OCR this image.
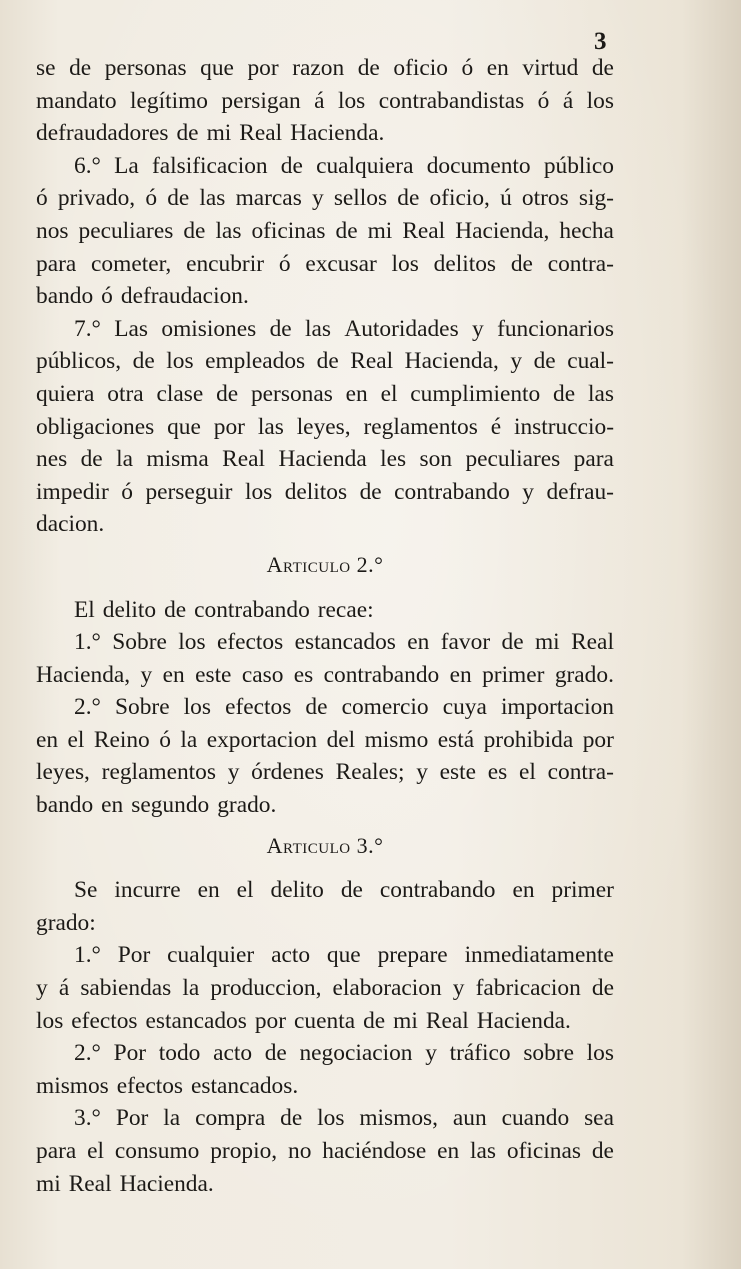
3
se de personas que por razon de oficio ó en virtud de
mandato legítimo persigan á los contrabandistas ó á los
defraudadores de mi Real Hacienda.
6.° La falsificacion de cualquiera documento público
ó privado, ó de las marcas y sellos de oficio, ú otros sig-
nos peculiares de las oficinas de mi Real Hacienda, hecha
para cometer, encubrir ó excusar los delitos de contra-
bando ó defraudacion.
7.° Las omisiones de las Autoridades y funcionarios
públicos, de los empleados de Real Hacienda, y de cual-
quiera otra clase de personas en el cumplimiento de las
obligaciones que por las leyes, reglamentos é instruccio-
nes de la misma Real Hacienda les son peculiares para
impedir ó perseguir los delitos de contrabando y defrau-
dacion.
Articulo 2.°
El delito de contrabando recae:
1.° Sobre los efectos estancados en favor de mi Real
Hacienda, y en este caso es contrabando en primer grado.
2.° Sobre los efectos de comercio cuya importacion
en el Reino ó la exportacion del mismo está prohibida por
leyes, reglamentos y órdenes Reales; y este es el contra-
bando en segundo grado.
Articulo 3.°
Se incurre en el delito de contrabando en primer
grado:
1.° Por cualquier acto que prepare inmediatamente
y á sabiendas la produccion, elaboracion y fabricacion de
los efectos estancados por cuenta de mi Real Hacienda.
2.° Por todo acto de negociacion y tráfico sobre los
mismos efectos estancados.
3.° Por la compra de los mismos, aun cuando sea
para el consumo propio, no haciéndose en las oficinas de
mi Real Hacienda.
